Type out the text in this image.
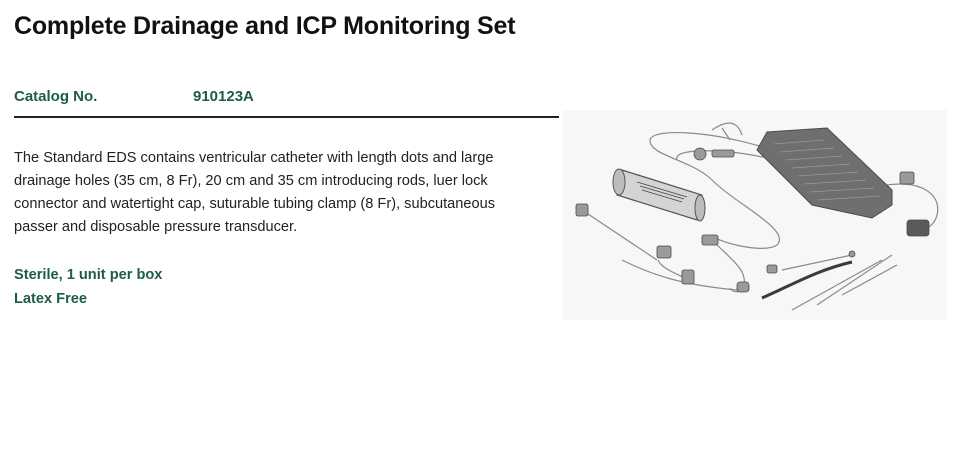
Complete Drainage and ICP Monitoring Set
Catalog No.	910123A

The Standard EDS contains ventricular catheter with length dots and large drainage holes (35 cm, 8 Fr), 20 cm and 35 cm introducing rods, luer lock connector and watertight cap, suturable tubing clamp (8 Fr), subcutaneous passer and disposable pressure transducer.

Sterile, 1 unit per box
Latex Free
